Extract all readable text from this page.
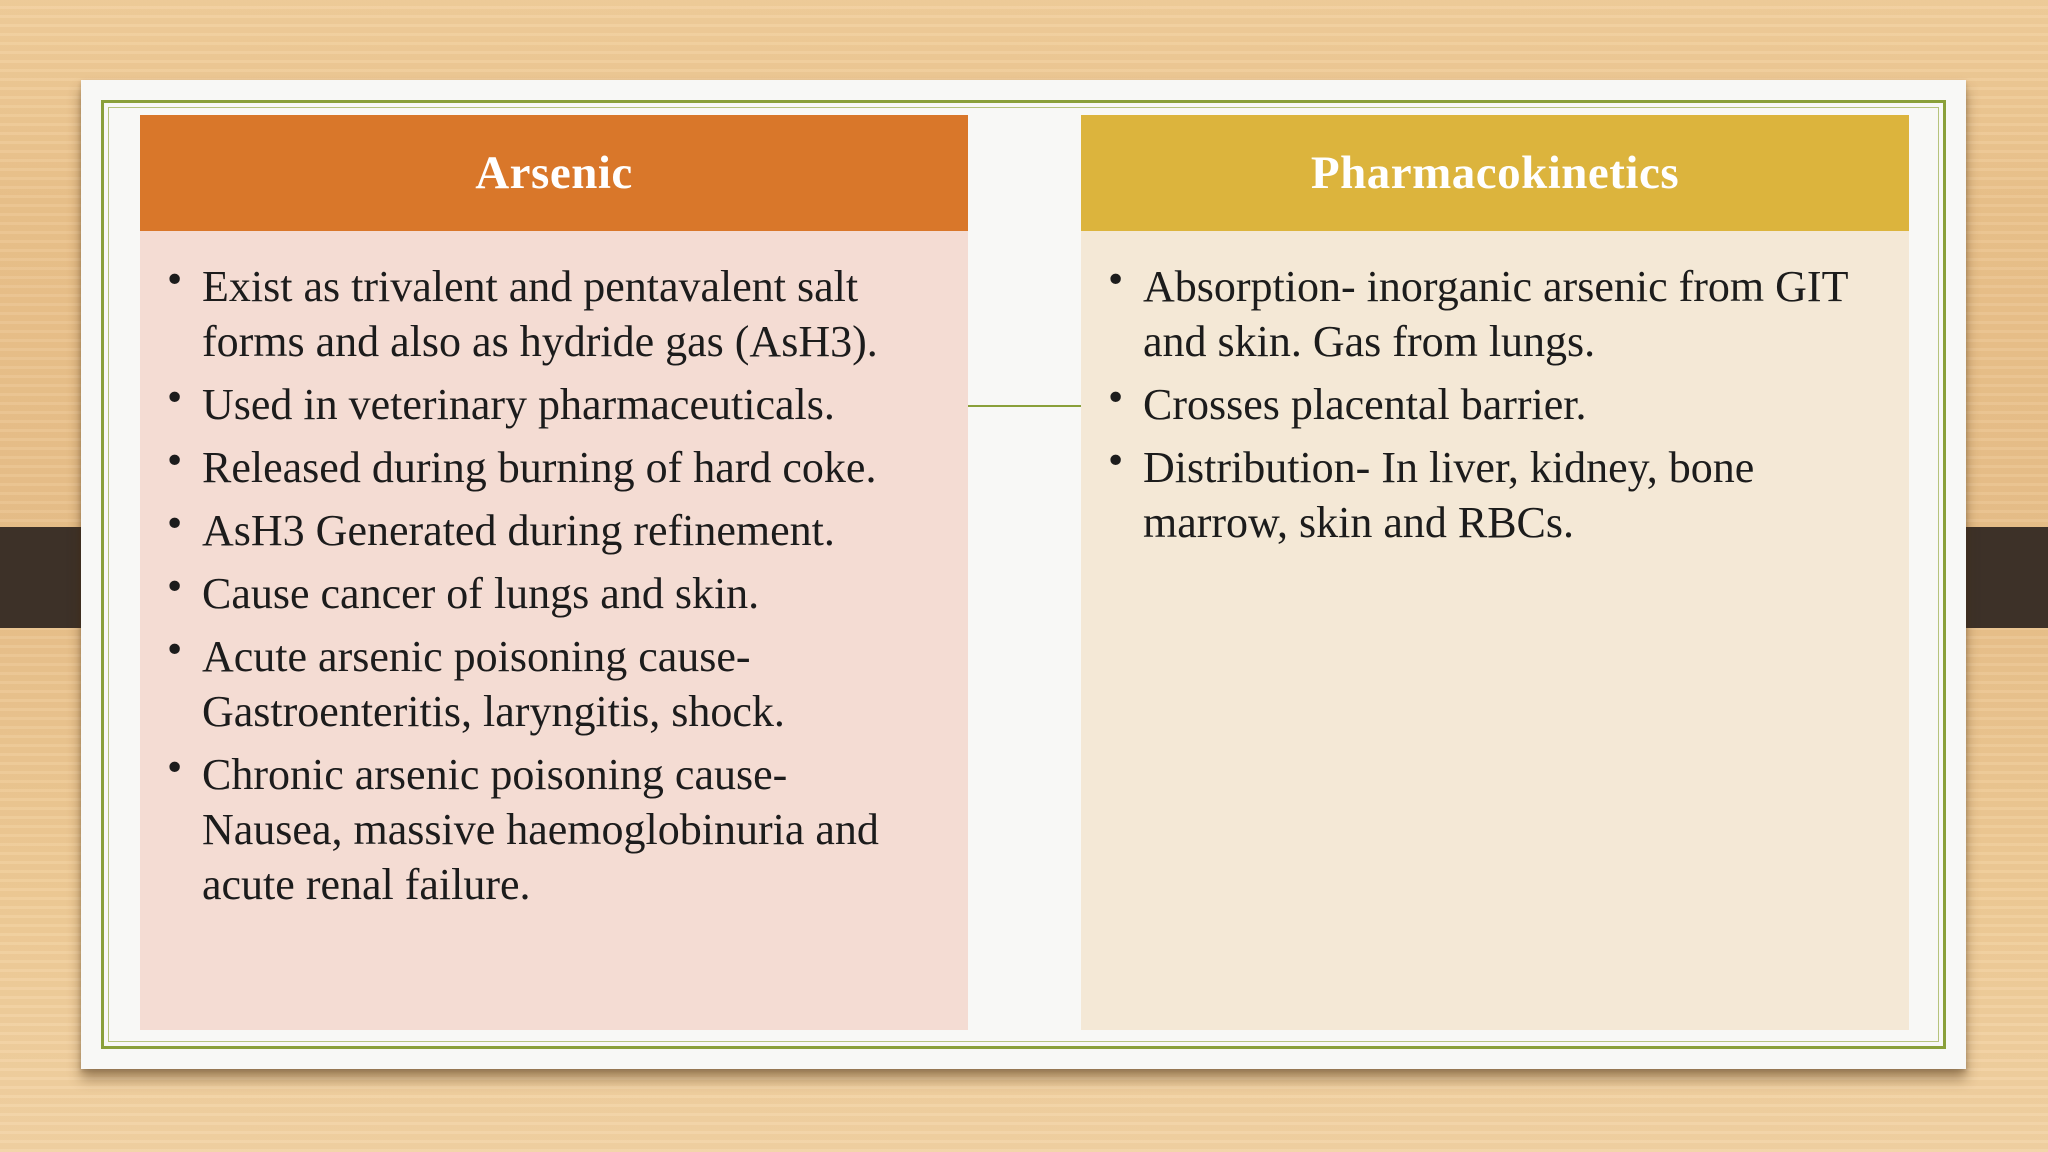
Arsenic
• Exist as trivalent and pentavalent salt forms and also as hydride gas (AsH3).
• Used in veterinary pharmaceuticals.
• Released during burning of hard coke.
• AsH3 Generated during refinement.
• Cause cancer of lungs and skin.
• Acute arsenic poisoning cause- Gastroenteritis, laryngitis, shock.
• Chronic arsenic poisoning cause- Nausea, massive haemoglobinuria and acute renal failure.
Pharmacokinetics
• Absorption- inorganic arsenic from GIT and skin. Gas from lungs.
• Crosses placental barrier.
• Distribution- In liver, kidney, bone marrow, skin and RBCs.
